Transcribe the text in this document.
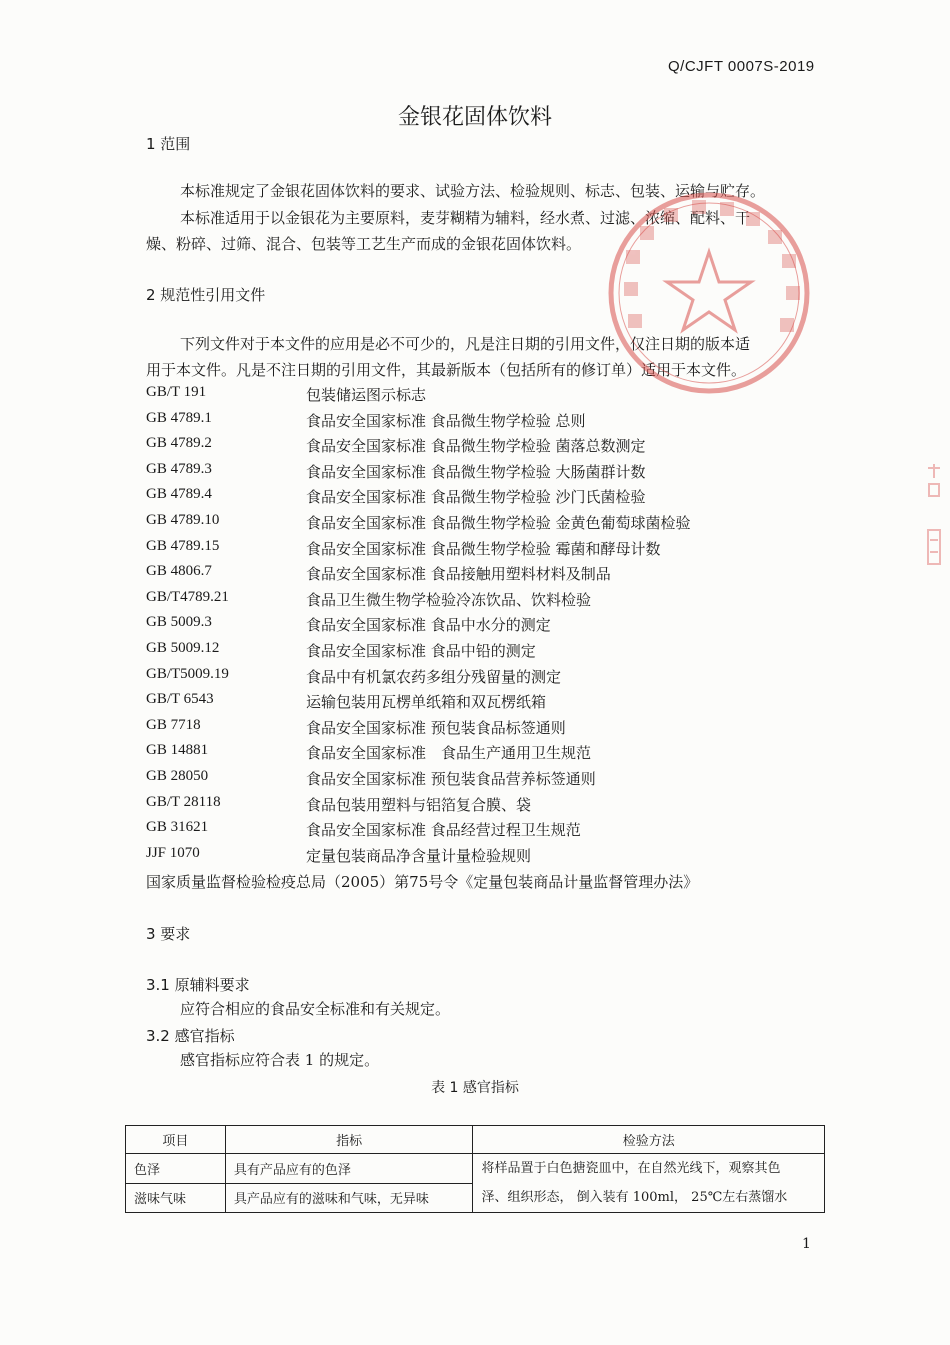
Q/CJFT 0007S-2019
金银花固体饮料
1 范围
本标准规定了金银花固体饮料的要求、试验方法、检验规则、标志、包装、运输与贮存。
本标准适用于以金银花为主要原料，麦芽糊精为辅料，经水煮、过滤、浓缩、配料、干
燥、粉碎、过筛、混合、包装等工艺生产而成的金银花固体饮料。
2 规范性引用文件
下列文件对于本文件的应用是必不可少的，凡是注日期的引用文件，仅注日期的版本适
用于本文件。凡是不注日期的引用文件，其最新版本（包括所有的修订单）适用于本文件。
GB/T 191	包装储运图示标志
GB 4789.1	食品安全国家标准 食品微生物学检验 总则
GB 4789.2	食品安全国家标准 食品微生物学检验 菌落总数测定
GB 4789.3	食品安全国家标准 食品微生物学检验 大肠菌群计数
GB 4789.4	食品安全国家标准 食品微生物学检验 沙门氏菌检验
GB 4789.10	食品安全国家标准 食品微生物学检验 金黄色葡萄球菌检验
GB 4789.15	食品安全国家标准 食品微生物学检验 霉菌和酵母计数
GB 4806.7	食品安全国家标准 食品接触用塑料材料及制品
GB/T4789.21	食品卫生微生物学检验冷冻饮品、饮料检验
GB 5009.3	食品安全国家标准 食品中水分的测定
GB 5009.12	食品安全国家标准 食品中铅的测定
GB/T5009.19	食品中有机氯农药多组分残留量的测定
GB/T 6543	运输包装用瓦楞单纸箱和双瓦楞纸箱
GB 7718	食品安全国家标准 预包装食品标签通则
GB 14881	食品安全国家标准　食品生产通用卫生规范
GB 28050	食品安全国家标准 预包装食品营养标签通则
GB/T 28118	食品包装用塑料与铝箔复合膜、袋
GB 31621	食品安全国家标准 食品经营过程卫生规范
JJF 1070	定量包装商品净含量计量检验规则
国家质量监督检验检疫总局（2005）第75号令《定量包装商品计量监督管理办法》
3 要求
3.1 原辅料要求
应符合相应的食品安全标准和有关规定。
3.2 感官指标
感官指标应符合表 1 的规定。
表 1 感官指标
项目	指标	检验方法
色泽	具有产品应有的色泽	将样品置于白色搪瓷皿中，在自然光线下，观察其色
泽、组织形态， 倒入装有 100ml， 25℃左右蒸馏水

滋味气味	具产品应有的滋味和气味，无异味	
1
